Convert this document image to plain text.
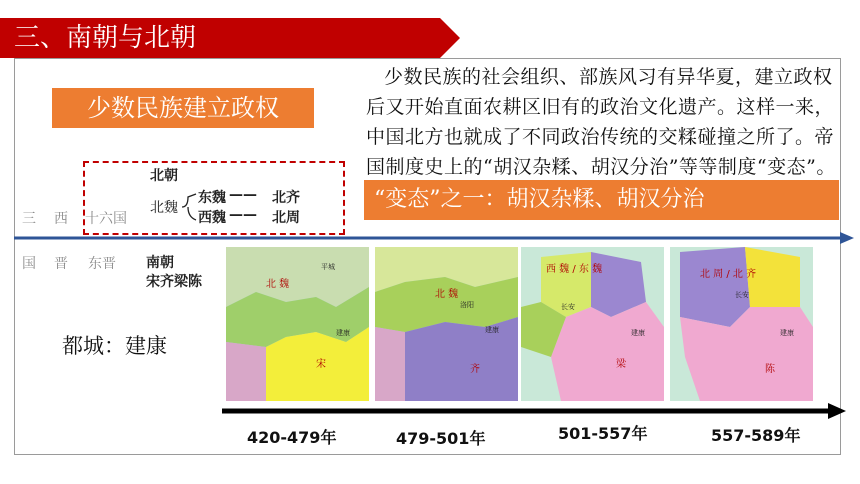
三、南朝与北朝
少数民族建立政权
少数民族的社会组织、部族风习有异华夏，建立政权后又开始直面农耕区旧有的政治文化遗产。这样一来，中国北方也就成了不同政治传统的交糅碰撞之所了。帝国制度史上的“胡汉杂糅、胡汉分治”等等制度“变态”。
“变态”之一：胡汉杂糅、胡汉分治
北朝
北魏
东魏 —— 北齐
西魏 —— 北周
三 西 十六国
国 晋 东晋 南朝
宋齐梁陈
都城：建康
北 魏
宋
平城
建康
北 魏
齐
洛阳
建康
西 魏 / 东 魏
梁
长安
建康
北 周 / 北 齐
陈
长安
建康
420-479年	479-501年	501-557年	557-589年
